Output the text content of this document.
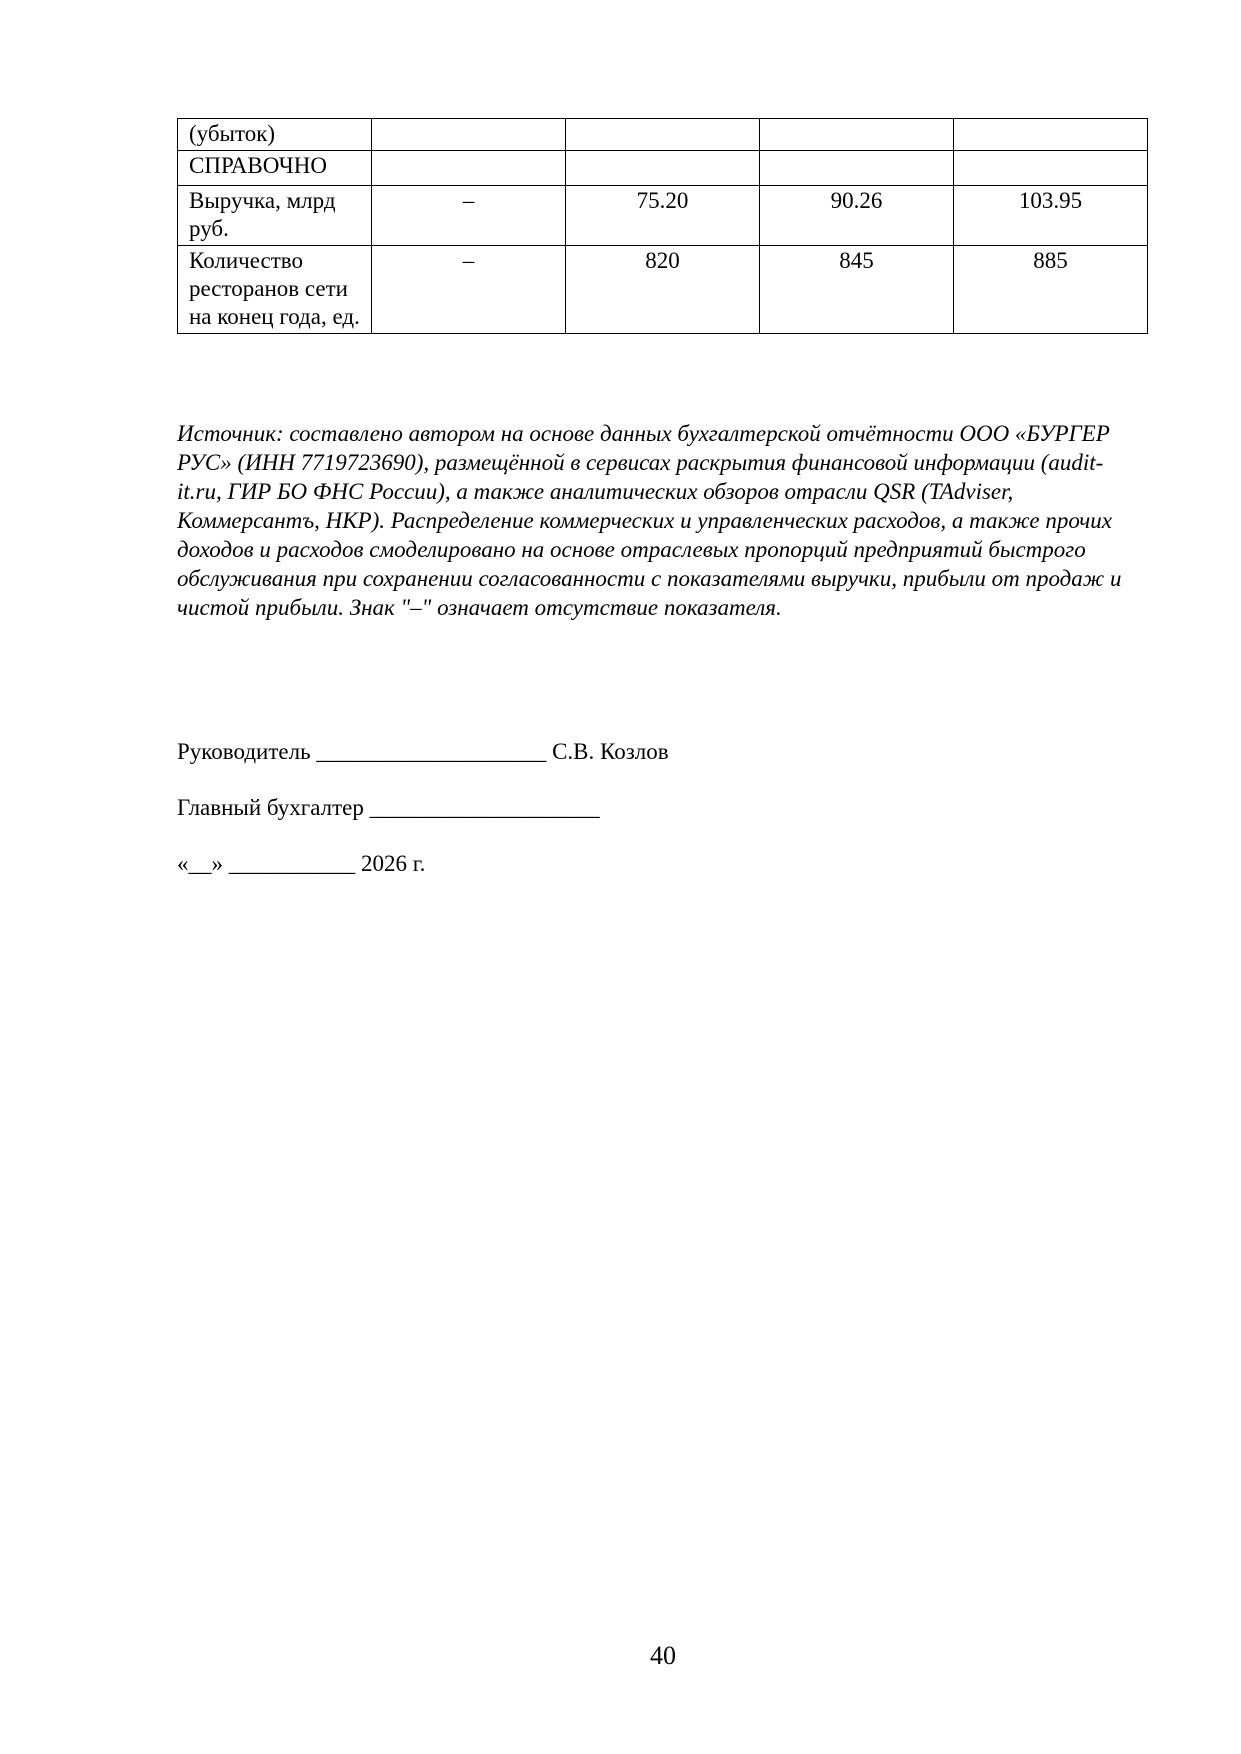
(убыток)				
СПРАВОЧНО				
Выручка, млрд руб.	–	75.20	90.26	103.95
Количество ресторанов сети на конец года, ед.	–	820	845	885

Источник: составлено автором на основе данных бухгалтерской отчётности ООО «БУРГЕР РУС» (ИНН 7719723690), размещённой в сервисах раскрытия финансовой информации (audit-it.ru, ГИР БО ФНС России), а также аналитических обзоров отрасли QSR (TAdviser, Коммерсантъ, НКР). Распределение коммерческих и управленческих расходов, а также прочих доходов и расходов смоделировано на основе отраслевых пропорций предприятий быстрого обслуживания при сохранении согласованности с показателями выручки, прибыли от продаж и чистой прибыли. Знак "–" означает отсутствие показателя.

Руководитель ____________________ С.В. Козлов

Главный бухгалтер ____________________

«__» ___________ 2026 г.

40
